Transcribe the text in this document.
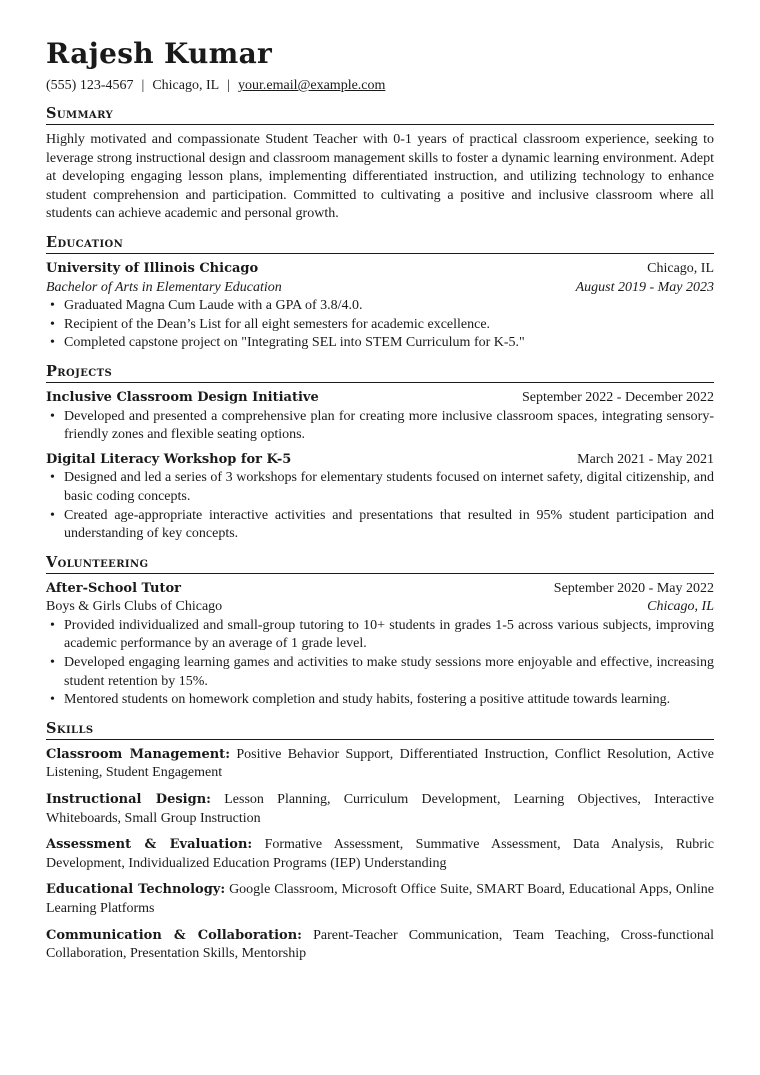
Rajesh Kumar
(555) 123-4567 | Chicago, IL | your.email@example.com
Summary

Highly motivated and compassionate Student Teacher with 0-1 years of practical classroom experience, seeking to leverage strong instructional design and classroom management skills to foster a dynamic learning environment. Adept at developing engaging lesson plans, implementing differentiated instruction, and utilizing technology to enhance student comprehension and participation. Committed to cultivating a positive and inclusive classroom where all students can achieve academic and personal growth.

Education
University of Illinois Chicago	Chicago, IL
Bachelor of Arts in Elementary Education	August 2019 - May 2023
• Graduated Magna Cum Laude with a GPA of 3.8/4.0.
• Recipient of the Dean’s List for all eight semesters for academic excellence.
• Completed capstone project on "Integrating SEL into STEM Curriculum for K-5."
Projects
Inclusive Classroom Design Initiative	September 2022 - December 2022
• Developed and presented a comprehensive plan for creating more inclusive classroom spaces, integrating sensory-friendly zones and flexible seating options.
Digital Literacy Workshop for K-5	March 2021 - May 2021
• Designed and led a series of 3 workshops for elementary students focused on internet safety, digital citizenship, and basic coding concepts.
• Created age-appropriate interactive activities and presentations that resulted in 95% student participation and understanding of key concepts.
Volunteering
After-School Tutor	September 2020 - May 2022
Boys & Girls Clubs of Chicago	Chicago, IL
• Provided individualized and small-group tutoring to 10+ students in grades 1-5 across various subjects, improving academic performance by an average of 1 grade level.
• Developed engaging learning games and activities to make study sessions more enjoyable and effective, increasing student retention by 15%.
• Mentored students on homework completion and study habits, fostering a positive attitude towards learning.
Skills
Classroom Management: Positive Behavior Support, Differentiated Instruction, Conflict Resolution, Active Listening, Student Engagement
Instructional Design: Lesson Planning, Curriculum Development, Learning Objectives, Interactive Whiteboards, Small Group Instruction
Assessment & Evaluation: Formative Assessment, Summative Assessment, Data Analysis, Rubric Development, Individualized Education Programs (IEP) Understanding
Educational Technology: Google Classroom, Microsoft Office Suite, SMART Board, Educational Apps, Online Learning Platforms
Communication & Collaboration: Parent-Teacher Communication, Team Teaching, Cross-functional Collaboration, Presentation Skills, Mentorship
